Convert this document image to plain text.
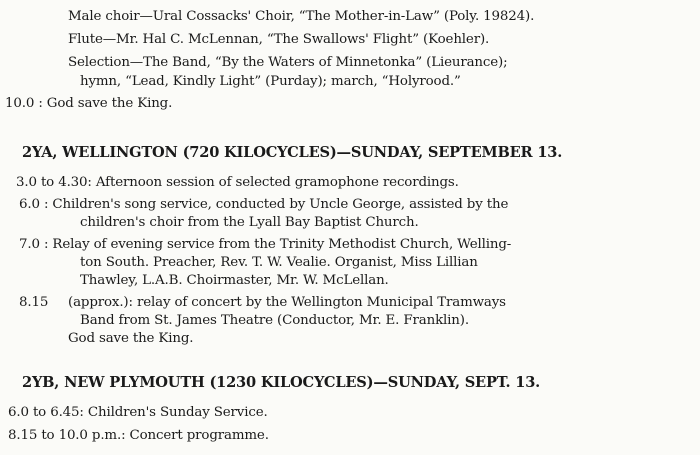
Male choir—Ural Cossacks' Choir, “The Mother-in-Law” (Poly. 19824).
Flute—Mr. Hal C. McLennan, “The Swallows' Flight” (Koehler).
Selection—The Band, “By the Waters of Minnetonka” (Lieurance);
hymn, “Lead, Kindly Light” (Purday); march, “Holyrood.”
10.0 : God save the King.
2YA, WELLINGTON (720 KILOCYCLES)—SUNDAY, SEPTEMBER 13.
3.0 to 4.30: Afternoon session of selected gramophone recordings.
6.0 : Children's song service, conducted by Uncle George, assisted by the
children's choir from the Lyall Bay Baptist Church.
7.0 : Relay of evening service from the Trinity Methodist Church, Welling-
ton South. Preacher, Rev. T. W. Vealie. Organist, Miss Lillian
Thawley, L.A.B. Choirmaster, Mr. W. McLellan.
8.15 (approx.): relay of concert by the Wellington Municipal Tramways
Band from St. James Theatre (Conductor, Mr. E. Franklin).
God save the King.
2YB, NEW PLYMOUTH (1230 KILOCYCLES)—SUNDAY, SEPT. 13.
6.0 to 6.45: Children's Sunday Service.
8.15 to 10.0 p.m.: Concert programme.
